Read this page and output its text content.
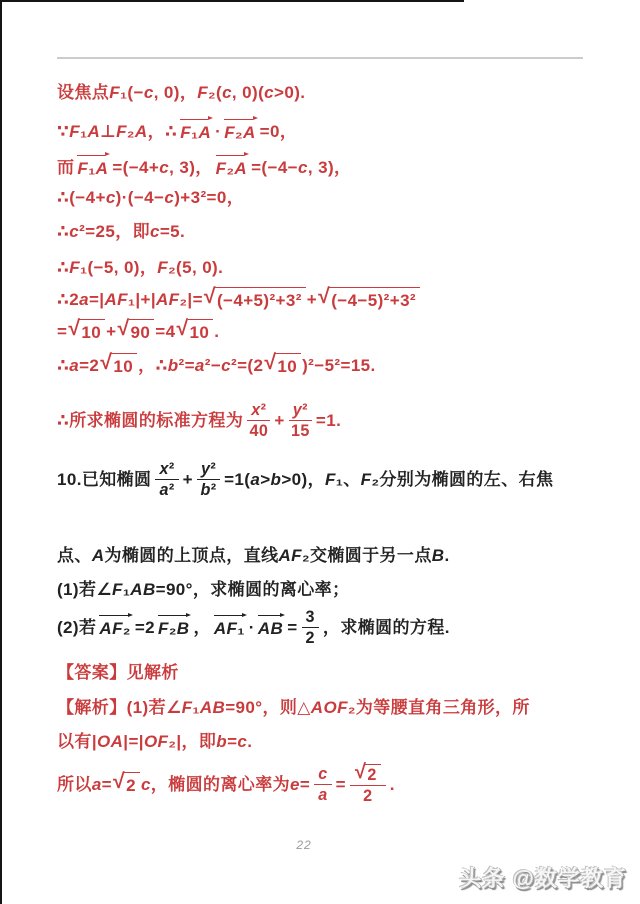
设焦点 F₁(−c, 0)，F₂(c, 0)(c>0).
∵F₁A⊥F₂A，∴ F₁A · F₂A =0，
而 F₁A =(−4+c, 3)， F₂A =(−4−c, 3)，
∴(−4+c)·(−4−c)+3²=0，
∴c²=25， 即 c=5.
∴F₁(−5, 0)，F₂(5, 0).
∴2a=|AF₁|+|AF₂|= √ (−4+5)²+3² + √ (−4−5)²+3²
= √ 10 + √ 90 =4 √ 10 .
∴a=2 √ 10 ，∴b²=a²−c²=(2 √ 10 )²−5²=15.
∴所求椭圆的标准方程为 $\frac{\text{x ²}}{40} + \frac{\text{y ²}}{15} =1$.
10.已知椭圆 $\frac{\text{x ²}}{\text{a²}} + \frac{\text{y ²}}{\text{b²}} =1(a>b>0)$ ， F₁ 、 F₂ 分别为椭圆的左、右焦
点、 A 为椭圆的上顶点，直线 AF₂ 交椭圆于另一点 B.
(1)若 ∠F₁AB=90° ，求椭圆的离心率；
(2)若 AF₂ =2 F₂B ， AF₁ · AB = $\frac{3}{2}$ ，求椭圆的方程.
【答案】见解析
【解析】(1)若 ∠F₁AB=90° ，则 △AOF₂ 为等腰直角三角形，所
以有 |OA|=|OF₂| ，即 b=c.
所以 a= √ 2 c ，椭圆的离心率为 $e= \frac{c}{a} = \frac{√ 2}{2}$ .
22
头条 @数学教育
